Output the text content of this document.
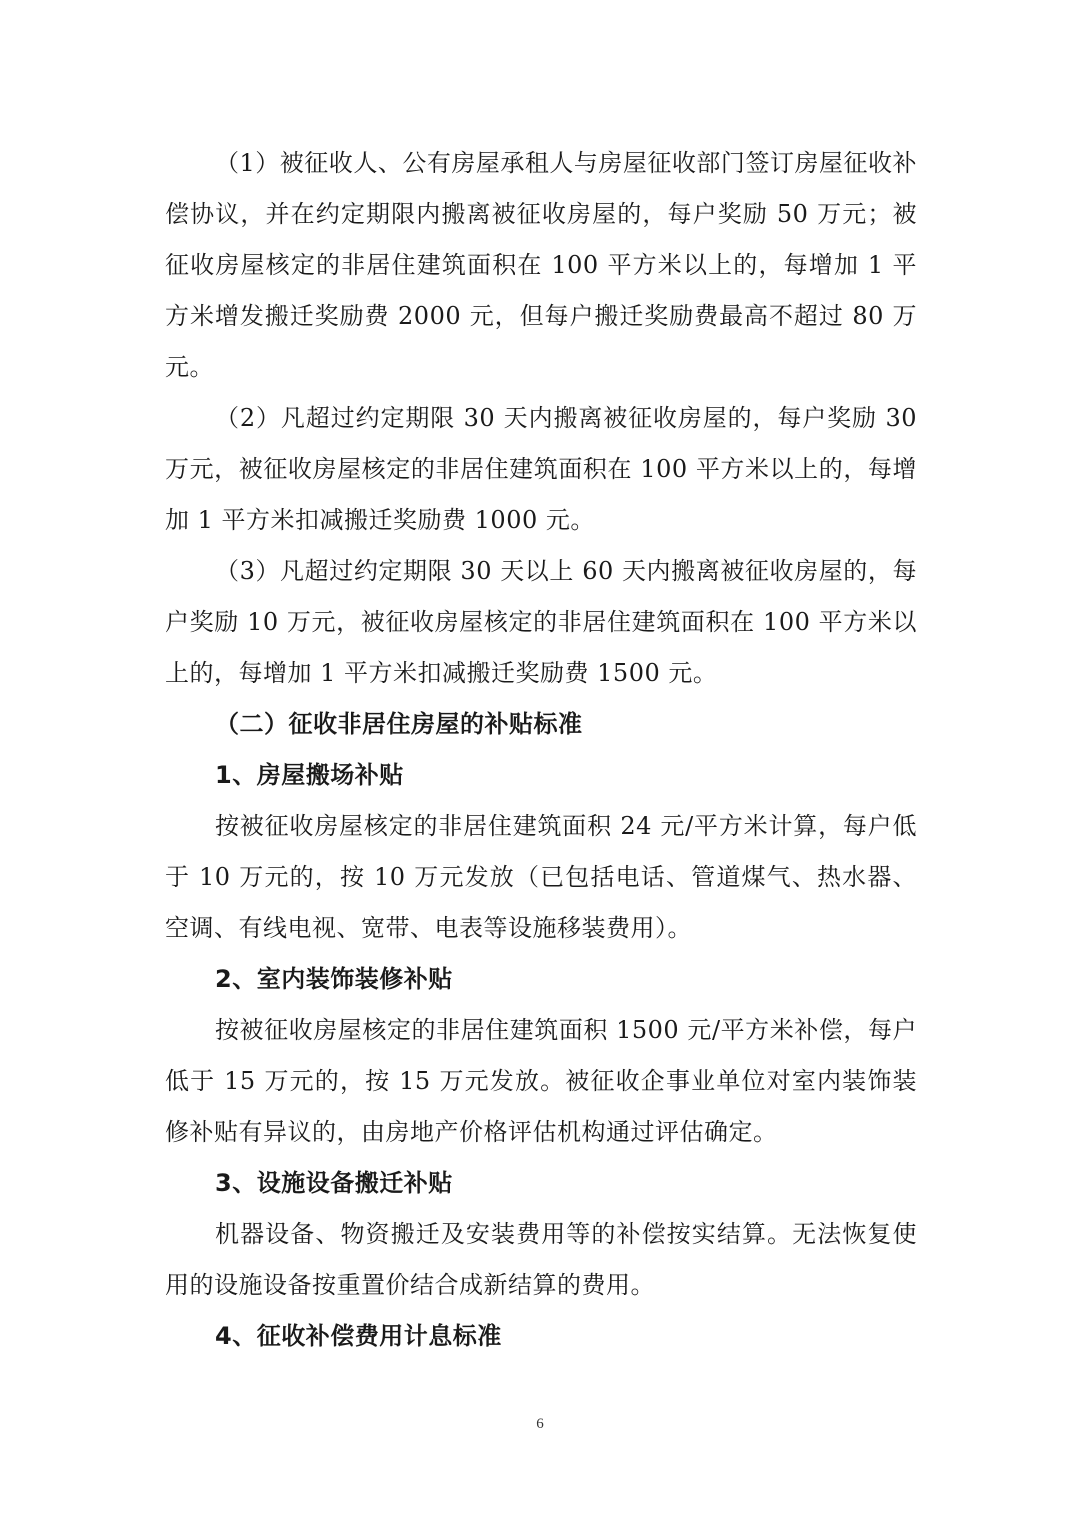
（1）被征收人、公有房屋承租人与房屋征收部门签订房屋征收补偿协议，并在约定期限内搬离被征收房屋的，每户奖励 50 万元；被征收房屋核定的非居住建筑面积在 100 平方米以上的，每增加 1 平方米增发搬迁奖励费 2000 元，但每户搬迁奖励费最高不超过 80 万元。

（2）凡超过约定期限 30 天内搬离被征收房屋的，每户奖励 30 万元，被征收房屋核定的非居住建筑面积在 100 平方米以上的，每增加 1 平方米扣减搬迁奖励费 1000 元。

（3）凡超过约定期限 30 天以上 60 天内搬离被征收房屋的，每户奖励 10 万元，被征收房屋核定的非居住建筑面积在 100 平方米以上的，每增加 1 平方米扣减搬迁奖励费 1500 元。

（二）征收非居住房屋的补贴标准

1、房屋搬场补贴

按被征收房屋核定的非居住建筑面积 24 元/平方米计算，每户低于 10 万元的，按 10 万元发放（已包括电话、管道煤气、热水器、空调、有线电视、宽带、电表等设施移装费用）。

2、室内装饰装修补贴

按被征收房屋核定的非居住建筑面积 1500 元/平方米补偿，每户低于 15 万元的，按 15 万元发放。被征收企事业单位对室内装饰装修补贴有异议的，由房地产价格评估机构通过评估确定。

3、设施设备搬迁补贴

机器设备、物资搬迁及安装费用等的补偿按实结算。无法恢复使用的设施设备按重置价结合成新结算的费用。

4、征收补偿费用计息标准

6
